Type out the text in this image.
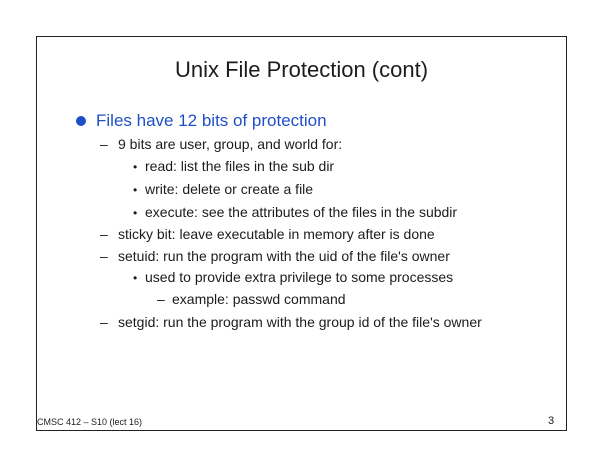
Unix File Protection (cont)
Files have 12 bits of protection
– 9 bits are user, group, and world for:
• read: list the files in the sub dir
• write: delete or create a file
• execute: see the attributes of the files in the subdir
– sticky bit: leave executable in memory after is done
– setuid: run the program with the uid of the file's owner
• used to provide extra privilege to some processes
– example: passwd command
– setgid: run the program with the group id of the file's owner
CMSC 412 – S10 (lect 16)	3
